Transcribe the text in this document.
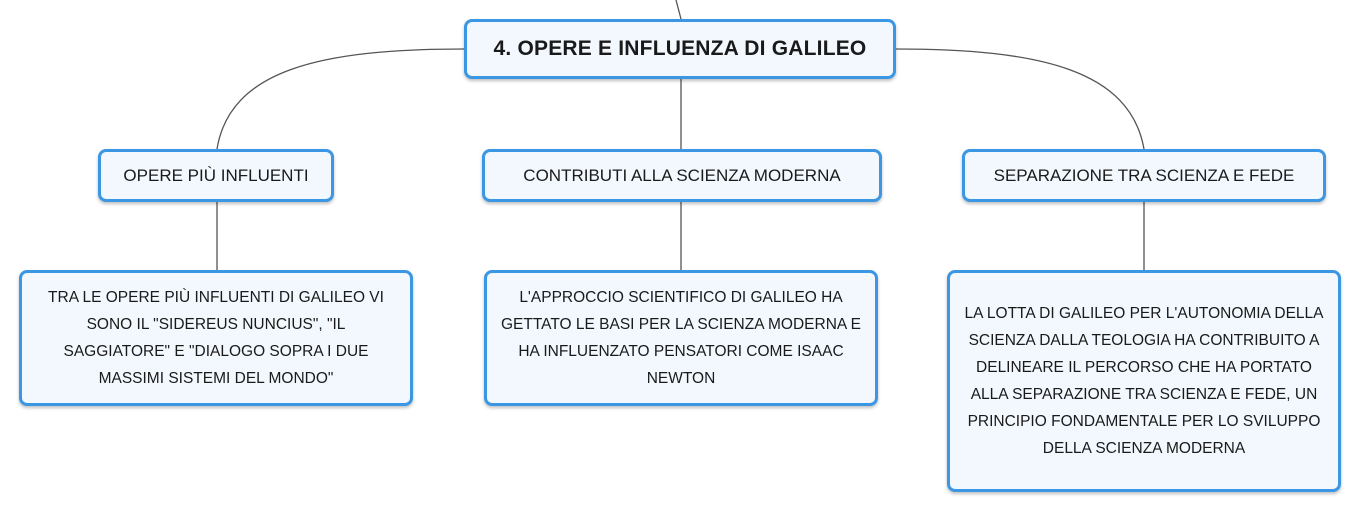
4. OPERE E INFLUENZA DI GALILEO
OPERE PIÙ INFLUENTI	CONTRIBUTI ALLA SCIENZA MODERNA	SEPARAZIONE TRA SCIENZA E FEDE
TRA LE OPERE PIÙ INFLUENTI DI GALILEO VI SONO IL "SIDEREUS NUNCIUS", "IL SAGGIATORE" E "DIALOGO SOPRA I DUE MASSIMI SISTEMI DEL MONDO"
L'APPROCCIO SCIENTIFICO DI GALILEO HA GETTATO LE BASI PER LA SCIENZA MODERNA E HA INFLUENZATO PENSATORI COME ISAAC NEWTON
LA LOTTA DI GALILEO PER L'AUTONOMIA DELLA SCIENZA DALLA TEOLOGIA HA CONTRIBUITO A DELINEARE IL PERCORSO CHE HA PORTATO ALLA SEPARAZIONE TRA SCIENZA E FEDE, UN PRINCIPIO FONDAMENTALE PER LO SVILUPPO DELLA SCIENZA MODERNA
